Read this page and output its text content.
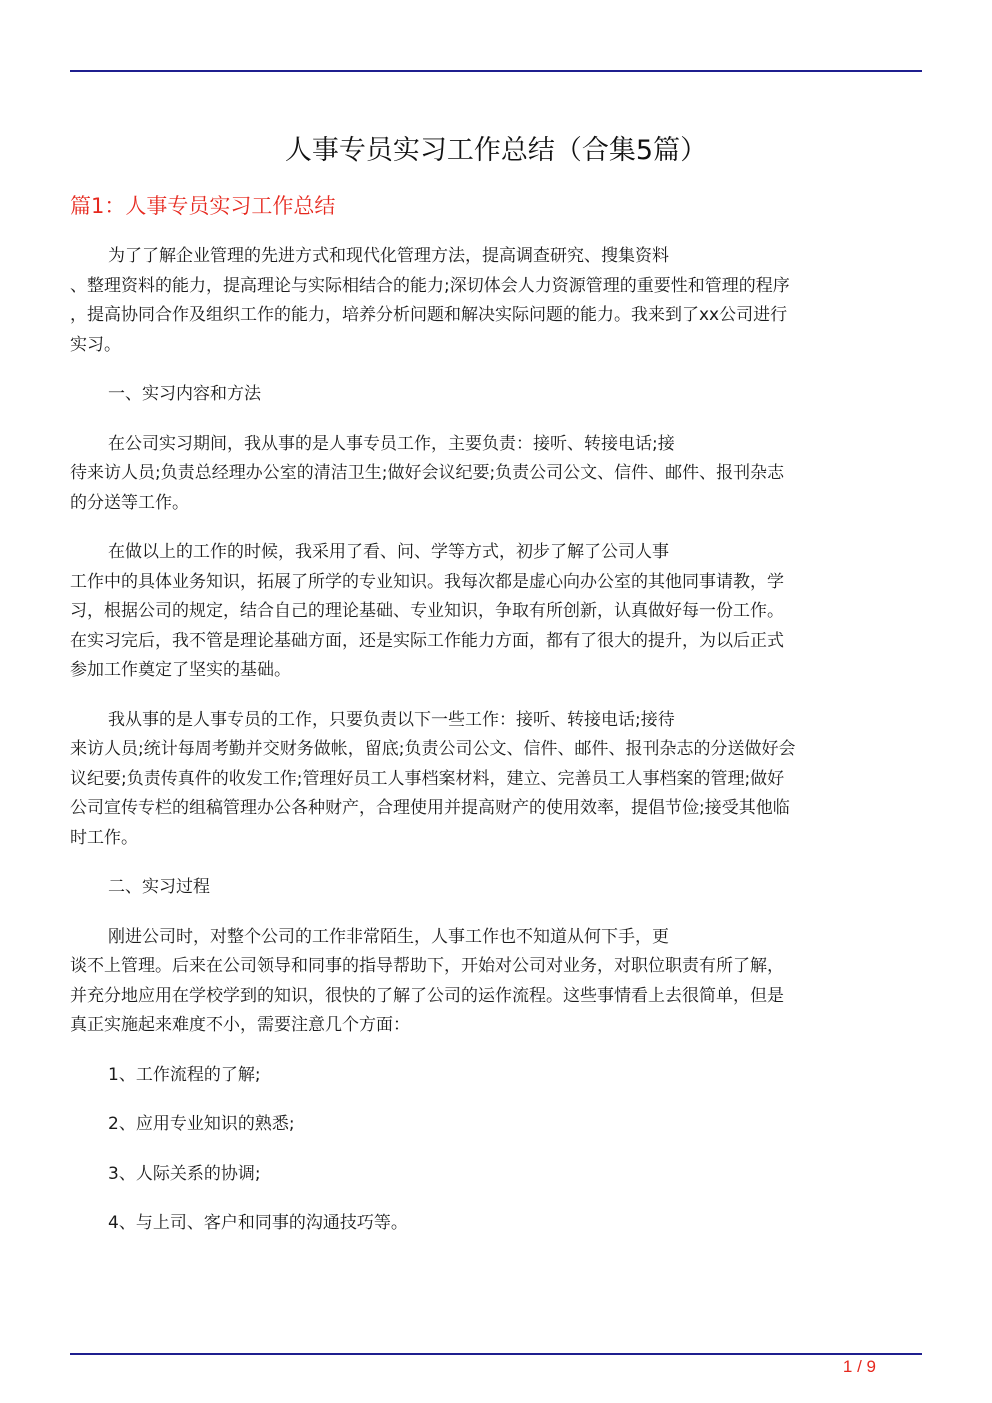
人事专员实习工作总结（合集5篇）
篇1：人事专员实习工作总结
为了了解企业管理的先进方式和现代化管理方法，提高调查研究、搜集资料
、整理资料的能力，提高理论与实际相结合的能力;深切体会人力资源管理的重要性和管理的程序
，提高协同合作及组织工作的能力，培养分析问题和解决实际问题的能力。我来到了xx公司进行
实习。
一、实习内容和方法
在公司实习期间，我从事的是人事专员工作，主要负责：接听、转接电话;接
待来访人员;负责总经理办公室的清洁卫生;做好会议纪要;负责公司公文、信件、邮件、报刊杂志
的分送等工作。
在做以上的工作的时候，我采用了看、问、学等方式，初步了解了公司人事
工作中的具体业务知识，拓展了所学的专业知识。我每次都是虚心向办公室的其他同事请教，学
习，根据公司的规定，结合自己的理论基础、专业知识，争取有所创新，认真做好每一份工作。
在实习完后，我不管是理论基础方面，还是实际工作能力方面，都有了很大的提升，为以后正式
参加工作奠定了坚实的基础。
我从事的是人事专员的工作，只要负责以下一些工作：接听、转接电话;接待
来访人员;统计每周考勤并交财务做帐，留底;负责公司公文、信件、邮件、报刊杂志的分送做好会
议纪要;负责传真件的收发工作;管理好员工人事档案材料，建立、完善员工人事档案的管理;做好
公司宣传专栏的组稿管理办公各种财产，合理使用并提高财产的使用效率，提倡节俭;接受其他临
时工作。
二、实习过程
刚进公司时，对整个公司的工作非常陌生，人事工作也不知道从何下手，更
谈不上管理。后来在公司领导和同事的指导帮助下，开始对公司对业务，对职位职责有所了解，
并充分地应用在学校学到的知识，很快的了解了公司的运作流程。这些事情看上去很简单，但是
真正实施起来难度不小，需要注意几个方面：
1、工作流程的了解;
2、应用专业知识的熟悉;
3、人际关系的协调;
4、与上司、客户和同事的沟通技巧等。
1 / 9
